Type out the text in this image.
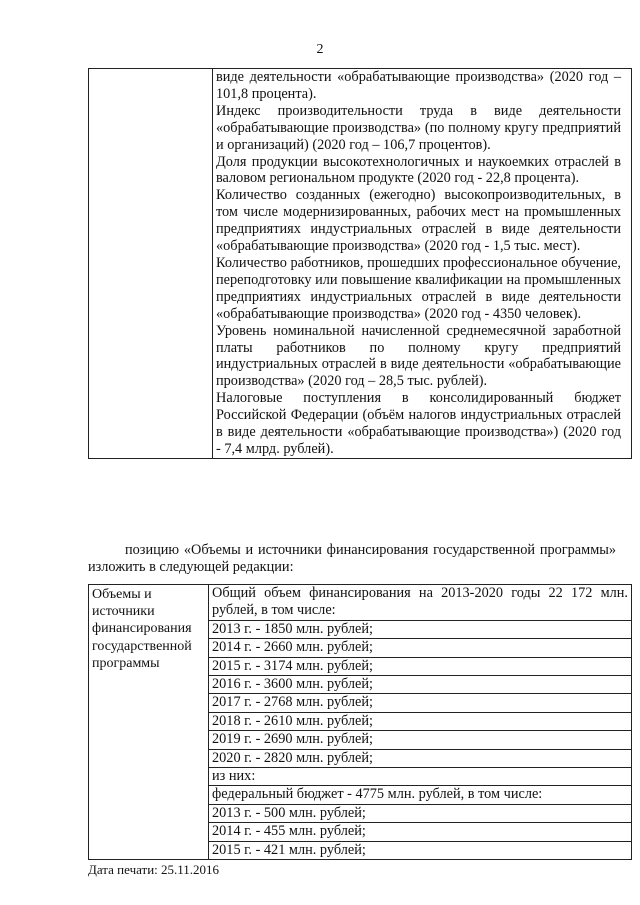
2

виде деятельности «обрабатывающие производства» (2020 год – 101,8 процента).

Индекс производительности труда в виде деятельности «обрабатывающие производства» (по полному кругу предприятий и организаций) (2020 год – 106,7 процентов).

Доля продукции высокотехнологичных и наукоемких отраслей в валовом региональном продукте (2020 год - 22,8 процента).

Количество созданных (ежегодно) высокопроизводительных, в том числе модернизированных, рабочих мест на промышленных предприятиях индустриальных отраслей в виде деятельности «обрабатывающие производства» (2020 год - 1,5 тыс. мест).

Количество работников, прошедших профессиональное обучение, переподготовку или повышение квалификации на промышленных предприятиях индустриальных отраслей в виде деятельности «обрабатывающие производства» (2020 год - 4350 человек).

Уровень номинальной начисленной среднемесячной заработной платы работников по полному кругу предприятий индустриальных отраслей в виде деятельности «обрабатывающие производства» (2020 год – 28,5 тыс. рублей).

Налоговые поступления в консолидированный бюджет Российской Федерации (объём налогов индустриальных отраслей в виде деятельности «обрабатывающие производства») (2020 год - 7,4 млрд. рублей).

позицию «Объемы и источники финансирования государственной программы» изложить в следующей редакции:
Объемы и источники финансирования государственной программы	
Общий объем финансирования на 2013-2020 годы 22 172 млн. рублей, в том числе:
2013 г. - 1850 млн. рублей;
2014 г. - 2660 млн. рублей;
2015 г. - 3174 млн. рублей;
2016 г. - 3600 млн. рублей;
2017 г. - 2768 млн. рублей;
2018 г. - 2610 млн. рублей;
2019 г. - 2690 млн. рублей;
2020 г. - 2820 млн. рублей;
из них:
федеральный бюджет - 4775 млн. рублей, в том числе:
2013 г. - 500 млн. рублей;
2014 г. - 455 млн. рублей;
2015 г. - 421 млн. рублей;
Дата печати: 25.11.2016
